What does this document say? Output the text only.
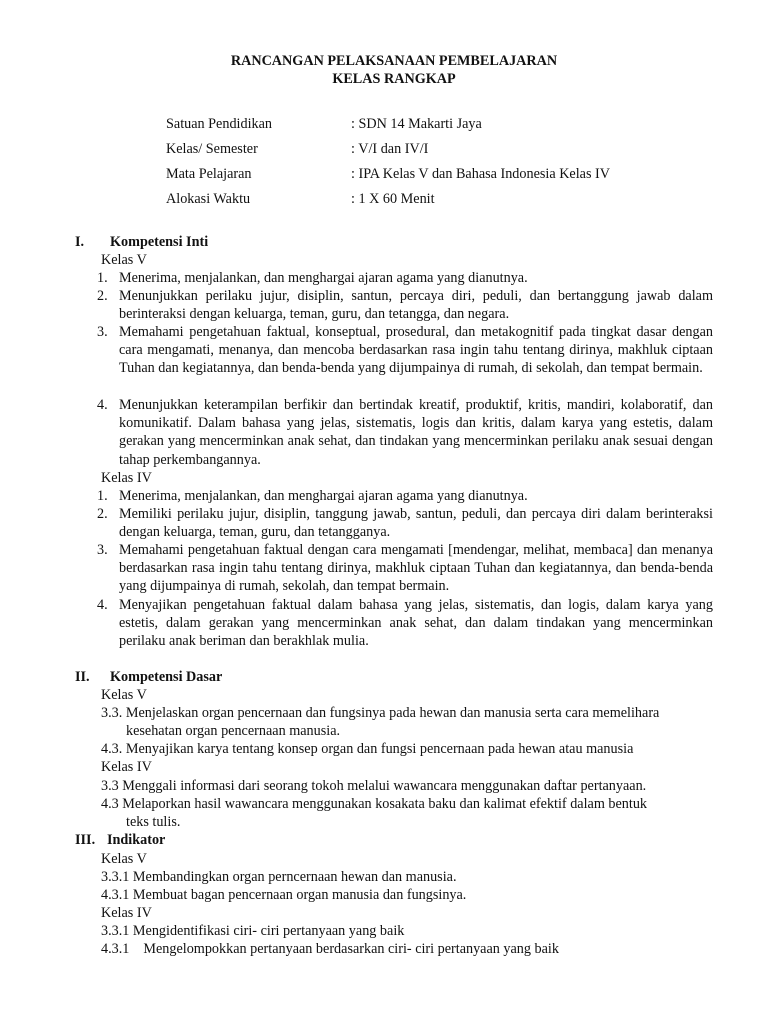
RANCANGAN PELAKSANAAN PEMBELAJARAN
KELAS RANGKAP
Satuan Pendidikan	: SDN 14 Makarti Jaya
Kelas/ Semester	: V/I dan IV/I
Mata Pelajaran	: IPA Kelas V dan Bahasa Indonesia Kelas IV
Alokasi Waktu	: 1 X 60 Menit
I. Kompetensi Inti
Kelas V
1. Menerima, menjalankan, dan menghargai ajaran agama yang dianutnya.
2. Menunjukkan perilaku jujur, disiplin, santun, percaya diri, peduli, dan bertanggung jawab dalam berinteraksi dengan keluarga, teman, guru, dan tetangga, dan negara.
3. Memahami pengetahuan faktual, konseptual, prosedural, dan metakognitif pada tingkat dasar dengan cara mengamati, menanya, dan mencoba berdasarkan rasa ingin tahu tentang dirinya, makhluk ciptaan Tuhan dan kegiatannya, dan benda-benda yang dijumpainya di rumah, di sekolah, dan tempat bermain.
4. Menunjukkan keterampilan berfikir dan bertindak kreatif, produktif, kritis, mandiri, kolaboratif, dan komunikatif. Dalam bahasa yang jelas, sistematis, logis dan kritis, dalam karya yang estetis, dalam gerakan yang mencerminkan anak sehat, dan tindakan yang mencerminkan perilaku anak sesuai dengan tahap perkembangannya.
Kelas IV
1. Menerima, menjalankan, dan menghargai ajaran agama yang dianutnya.
2. Memiliki perilaku jujur, disiplin, tanggung jawab, santun, peduli, dan percaya diri dalam berinteraksi dengan keluarga, teman, guru, dan tetangganya.
3. Memahami pengetahuan faktual dengan cara mengamati [mendengar, melihat, membaca] dan menanya berdasarkan rasa ingin tahu tentang dirinya, makhluk ciptaan Tuhan dan kegiatannya, dan benda-benda yang dijumpainya di rumah, sekolah, dan tempat bermain.
4. Menyajikan pengetahuan faktual dalam bahasa yang jelas, sistematis, dan logis, dalam karya yang estetis, dalam gerakan yang mencerminkan anak sehat, dan dalam tindakan yang mencerminkan perilaku anak beriman dan berakhlak mulia.
II. Kompetensi Dasar
Kelas V
3.3. Menjelaskan organ pencernaan dan fungsinya pada hewan dan manusia serta cara memelihara
kesehatan organ pencernaan manusia.
4.3. Menyajikan karya tentang konsep organ dan fungsi pencernaan pada hewan atau manusia
Kelas IV
3.3 Menggali informasi dari seorang tokoh melalui wawancara menggunakan daftar pertanyaan.
4.3 Melaporkan hasil wawancara menggunakan kosakata baku dan kalimat efektif dalam bentuk
teks tulis.
III. Indikator
Kelas V
3.3.1 Membandingkan organ perncernaan hewan dan manusia.
4.3.1 Membuat bagan pencernaan organ manusia dan fungsinya.
Kelas IV
3.3.1 Mengidentifikasi ciri- ciri pertanyaan yang baik
4.3.1 Mengelompokkan pertanyaan berdasarkan ciri- ciri pertanyaan yang baik
